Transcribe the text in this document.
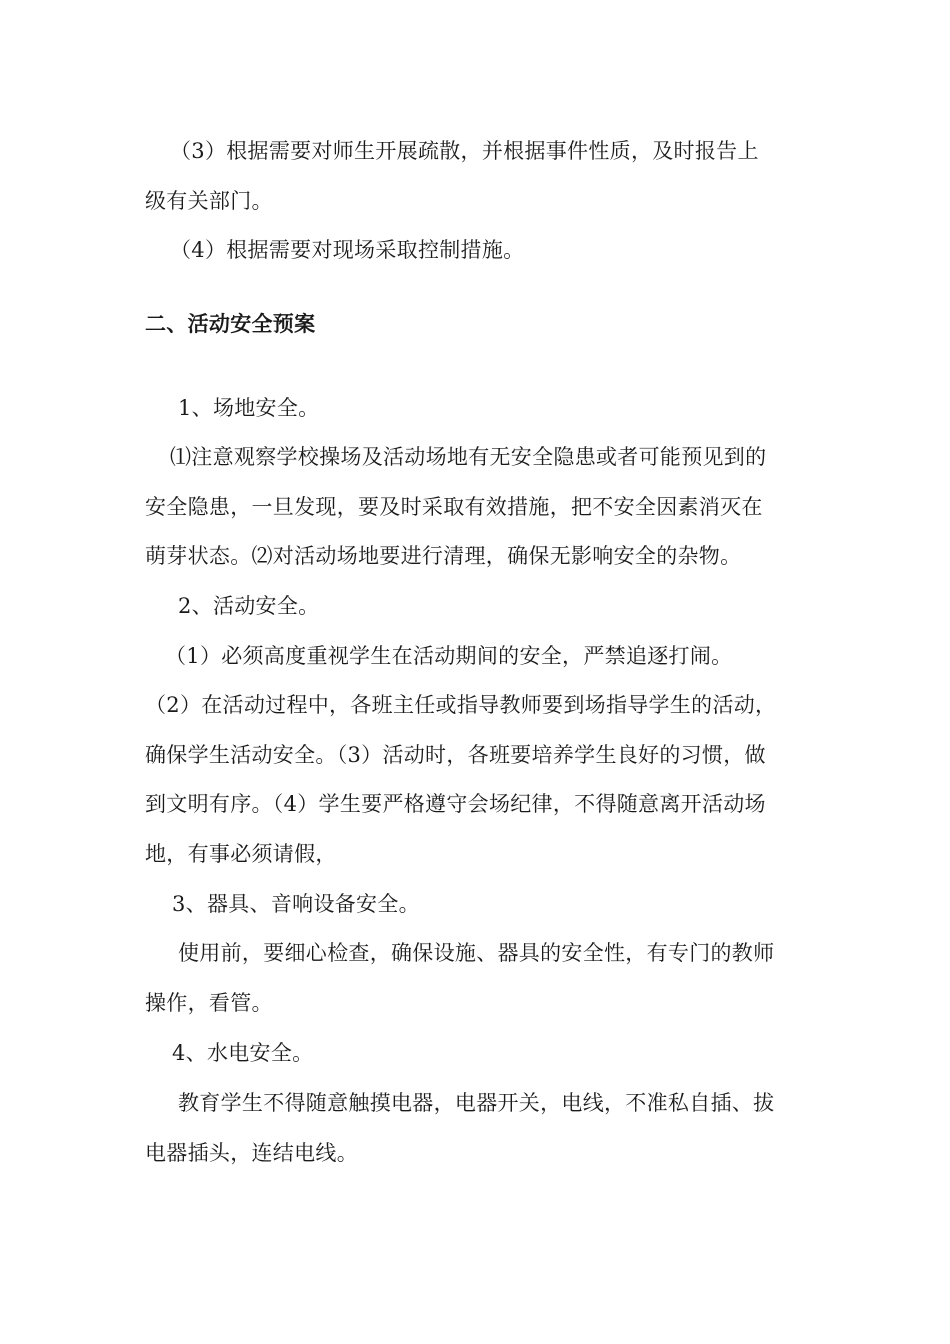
（3）根据需要对师生开展疏散，并根据事件性质，及时报告上
级有关部门。
（4）根据需要对现场采取控制措施。
二、活动安全预案
1、场地安全。
⑴注意观察学校操场及活动场地有无安全隐患或者可能预见到的
安全隐患，一旦发现，要及时采取有效措施，把不安全因素消灭在
萌芽状态。⑵对活动场地要进行清理，确保无影响安全的杂物。
2、活动安全。
（1）必须高度重视学生在活动期间的安全，严禁追逐打闹。
（2）在活动过程中，各班主任或指导教师要到场指导学生的活动，
确保学生活动安全。（3）活动时，各班要培养学生良好的习惯，做
到文明有序。（4）学生要严格遵守会场纪律，不得随意离开活动场
地，有事必须请假，
3、器具、音响设备安全。
使用前，要细心检查，确保设施、器具的安全性，有专门的教师
操作，看管。
4、水电安全。
教育学生不得随意触摸电器，电器开关，电线，不准私自插、拔
电器插头，连结电线。
